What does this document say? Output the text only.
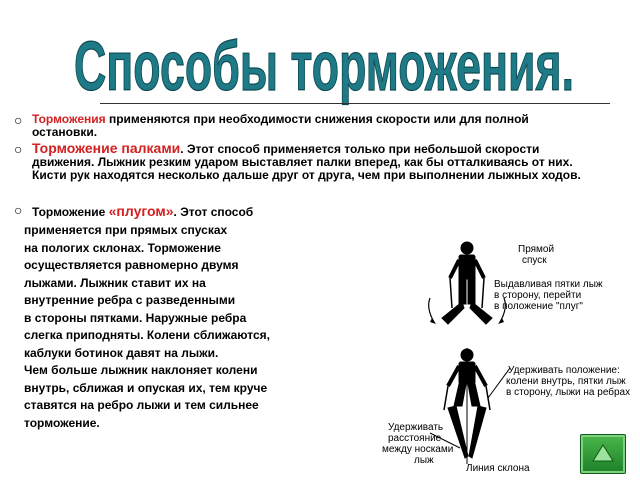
Способы торможения.
○ Торможения применяются при необходимости снижения скорости или для полной остановки.
○ Торможение палками. Этот способ применяется только при небольшой скорости движения. Лыжник резким ударом выставляет палки вперед, как бы отталкиваясь от них. Кисти рук находятся несколько дальше друг от друга, чем при выполнении лыжных ходов.
○ Торможение «плугом». Этот способ
применяется при прямых спусках
на пологих склонах. Торможение
осуществляется равномерно двумя
лыжами. Лыжник ставит их на
внутренние ребра с разведенными
в стороны пятками. Наружные ребра
слегка приподняты. Колени сближаются,
каблуки ботинок давят на лыжи.
Чем больше лыжник наклоняет колени
внутрь, сближая и опуская их, тем круче
ставятся на ребро лыжи и тем сильнее
торможение.
Прямой
спуск
Выдавливая пятки лыж
в сторону, перейти
в положение "плуг"
Удерживать положение:
колени внутрь, пятки лыж
в сторону, лыжи на ребрах
Удерживать
расстояние
между носками
лыж
Линия склона
